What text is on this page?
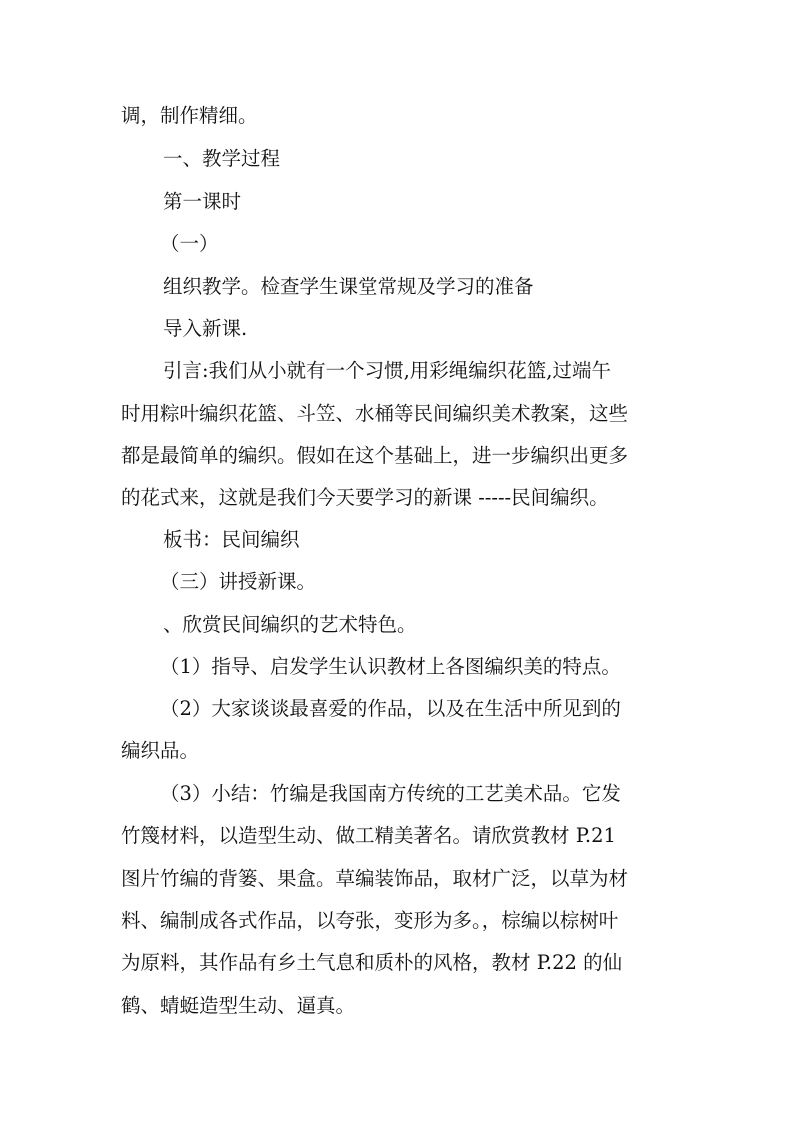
调，制作精细。
一、教学过程
第一课时
（一）
组织教学。检查学生课堂常规及学习的准备
导入新课.
引言:我们从小就有一个习惯,用彩绳编织花篮,过端午
时用粽叶编织花篮、斗笠、水桶等民间编织美术教案，这些
都是最简单的编织。假如在这个基础上，进一步编织出更多
的花式来，这就是我们今天要学习的新课 -----民间编织。
板书：民间编织
（三）讲授新课。
、欣赏民间编织的艺术特色。
（1）指导、启发学生认识教材上各图编织美的特点。
（2）大家谈谈最喜爱的作品，以及在生活中所见到的
编织品。
（3）小结：竹编是我国南方传统的工艺美术品。它发
竹篾材料，以造型生动、做工精美著名。请欣赏教材 P.21
图片竹编的背篓、果盒。草编装饰品，取材广泛，以草为材
料、编制成各式作品，以夸张，变形为多。，棕编以棕树叶
为原料，其作品有乡土气息和质朴的风格，教材 P.22 的仙
鹤、蜻蜓造型生动、逼真。
